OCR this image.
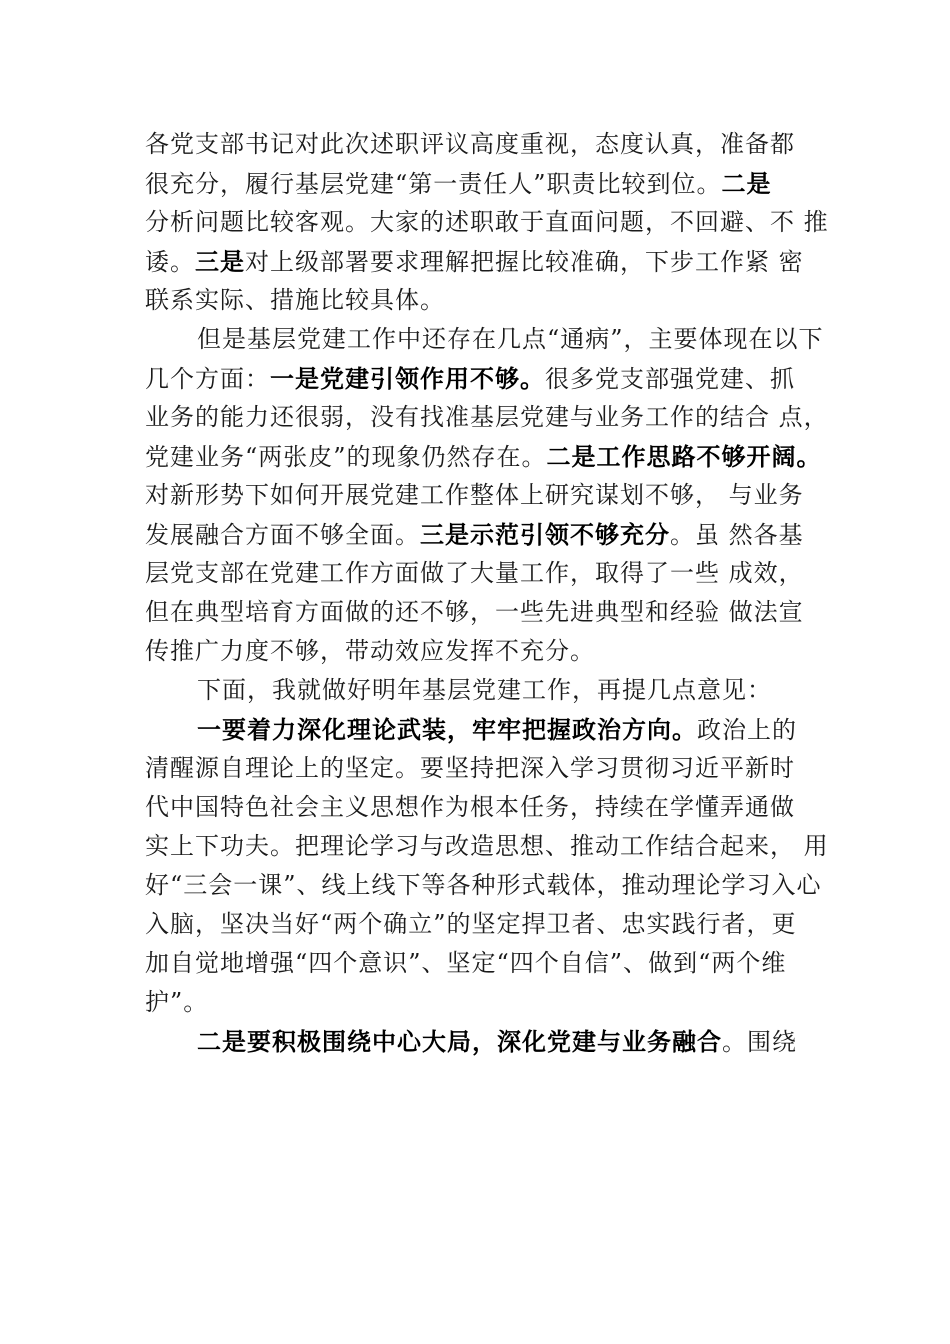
各党支部书记对此次述职评议高度重视，态度认真，准备都
很充分，履行基层党建“第一责任人”职责比较到位。二是
分析问题比较客观。大家的述职敢于直面问题，不回避、不 推
诿。三是对上级部署要求理解把握比较准确，下步工作紧 密
联系实际、措施比较具体。
但是基层党建工作中还存在几点“通病”，主要体现在以下
几个方面：一是党建引领作用不够。很多党支部强党建、抓
业务的能力还很弱，没有找准基层党建与业务工作的结合 点，
党建业务“两张皮”的现象仍然存在。二是工作思路不够开阔。
对新形势下如何开展党建工作整体上研究谋划不够， 与业务
发展融合方面不够全面。三是示范引领不够充分。虽 然各基
层党支部在党建工作方面做了大量工作，取得了一些 成效，
但在典型培育方面做的还不够，一些先进典型和经验 做法宣
传推广力度不够，带动效应发挥不充分。
下面，我就做好明年基层党建工作，再提几点意见：
一要着力深化理论武装，牢牢把握政治方向。政治上的
清醒源自理论上的坚定。要坚持把深入学习贯彻习近平新时
代中国特色社会主义思想作为根本任务，持续在学懂弄通做
实上下功夫。把理论学习与改造思想、推动工作结合起来， 用
好“三会一课”、线上线下等各种形式载体，推动理论学习入心
入脑，坚决当好“两个确立”的坚定捍卫者、忠实践行者，更
加自觉地增强“四个意识”、坚定“四个自信”、做到“两个维
护”。
二是要积极围绕中心大局，深化党建与业务融合。围绕
